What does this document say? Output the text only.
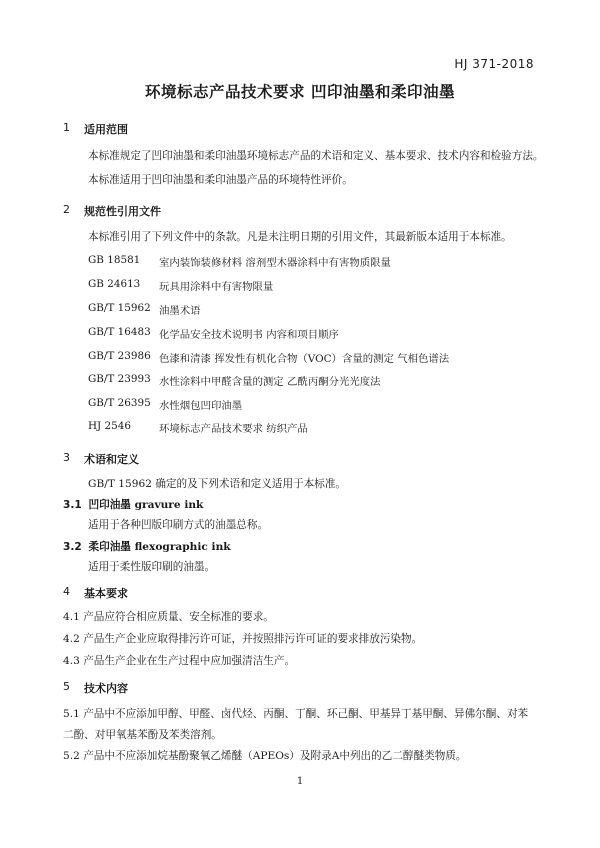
HJ 371-2018
环境标志产品技术要求 凹印油墨和柔印油墨
1 适用范围
本标准规定了凹印油墨和柔印油墨环境标志产品的术语和定义、基本要求、技术内容和检验方法。
本标准适用于凹印油墨和柔印油墨产品的环境特性评价。
2 规范性引用文件
本标准引用了下列文件中的条款。凡是未注明日期的引用文件，其最新版本适用于本标准。
GB 18581 室内装饰装修材料 溶剂型木器涂料中有害物质限量
GB 24613 玩具用涂料中有害物限量
GB/T 15962 油墨术语
GB/T 16483 化学品安全技术说明书 内容和项目顺序
GB/T 23986 色漆和清漆 挥发性有机化合物（VOC）含量的测定 气相色谱法
GB/T 23993 水性涂料中甲醛含量的测定 乙酰丙酮分光光度法
GB/T 26395 水性烟包凹印油墨
HJ 2546	环境标志产品技术要求 纺织产品
3 术语和定义
GB/T 15962 确定的及下列术语和定义适用于本标准。
3.1 凹印油墨 gravure ink
适用于各种凹版印刷方式的油墨总称。
3.2 柔印油墨 flexographic ink
适用于柔性版印刷的油墨。
4 基本要求
4.1 产品应符合相应质量、安全标准的要求。
4.2 产品生产企业应取得排污许可证，并按照排污许可证的要求排放污染物。
4.3 产品生产企业在生产过程中应加强清洁生产。
5 技术内容
5.1 产品中不应添加甲醇、甲醛、卤代烃、丙酮、丁酮、环己酮、甲基异丁基甲酮、异佛尔酮、对苯
二酚、对甲氧基苯酚及苯类溶剂。
5.2 产品中不应添加烷基酚聚氧乙烯醚（APEOs）及附录A中列出的乙二醇醚类物质。
1
